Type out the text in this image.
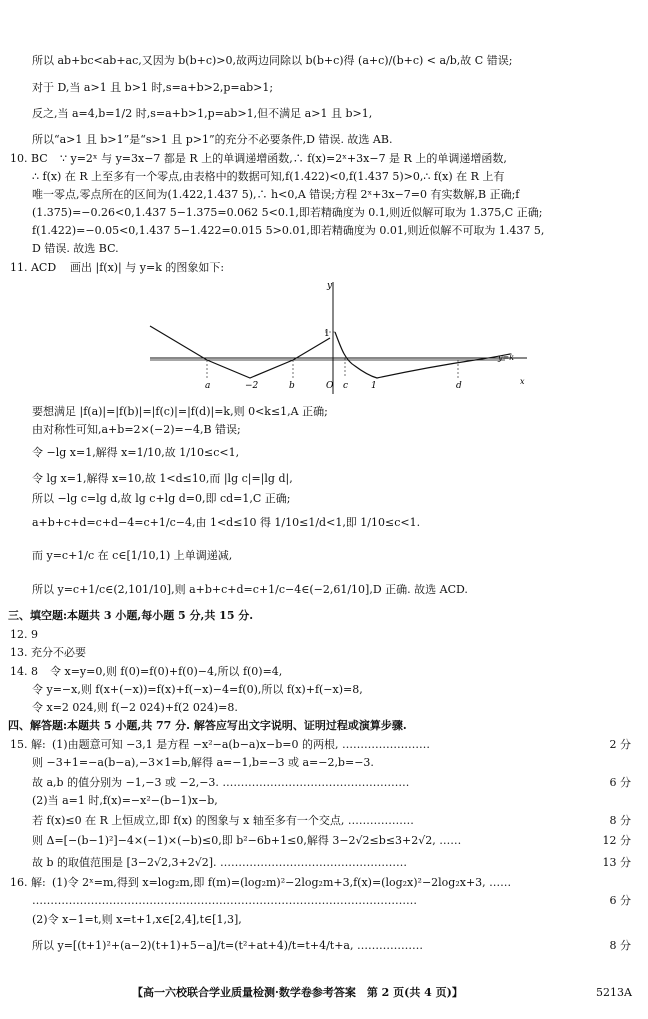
所以 ab+bc<ab+ac,又因为 b(b+c)>0,故两边同除以 b(b+c)得 (a+c)/(b+c) < a/b,故 C 错误;
对于 D,当 a>1 且 b>1 时,s=a+b>2,p=ab>1;
反之,当 a=4,b=1/2 时,s=a+b>1,p=ab>1,但不满足 a>1 且 b>1,
所以“a>1 且 b>1”是“s>1 且 p>1”的充分不必要条件,D 错误. 故选 AB.
10. BC ∵ y=2ˣ 与 y=3x−7 都是 R 上的单调递增函数,∴ f(x)=2ˣ+3x−7 是 R 上的单调递增函数,
∴ f(x) 在 R 上至多有一个零点,由表格中的数据可知,f(1.422)<0,f(1.437 5)>0,∴ f(x) 在 R 上有
唯一零点,零点所在的区间为(1.422,1.437 5),∴ h<0,A 错误;方程 2ˣ+3x−7=0 有实数解,B 正确;f
(1.375)=−0.26<0,1.437 5−1.375=0.062 5<0.1,即若精确度为 0.1,则近似解可取为 1.375,C 正确;
f(1.422)=−0.05<0,1.437 5−1.422=0.015 5>0.01,即若精确度为 0.01,则近似解不可取为 1.437 5,
D 错误. 故选 BC.
11. ACD 画出 |f(x)| 与 y=k 的图象如下:
要想满足 |f(a)|=|f(b)|=|f(c)|=|f(d)|=k,则 0<k≤1,A 正确;
由对称性可知,a+b=2×(−2)=−4,B 错误;
令 −lg x=1,解得 x=1/10,故 1/10≤c<1,
令 lg x=1,解得 x=10,故 1<d≤10,而 |lg c|=|lg d|,
所以 −lg c=lg d,故 lg c+lg d=0,即 cd=1,C 正确;
a+b+c+d=c+d−4=c+1/c−4,由 1<d≤10 得 1/10≤1/d<1,即 1/10≤c<1.
而 y=c+1/c 在 c∈[1/10,1) 上单调递减,
所以 y=c+1/c∈(2,101/10],则 a+b+c+d=c+1/c−4∈(−2,61/10],D 正确. 故选 ACD.
三、填空题:本题共 3 小题,每小题 5 分,共 15 分.
12. 9
13. 充分不必要
14. 8 令 x=y=0,则 f(0)=f(0)+f(0)−4,所以 f(0)=4,
令 y=−x,则 f(x+(−x))=f(x)+f(−x)−4=f(0),所以 f(x)+f(−x)=8,
令 x=2 024,则 f(−2 024)+f(2 024)=8.
四、解答题:本题共 5 小题,共 77 分. 解答应写出文字说明、证明过程或演算步骤.
15. 解: (1)由题意可知 −3,1 是方程 −x²−a(b−a)x−b=0 的两根, ……………………	2 分
则 −3+1=−a(b−a),−3×1=b,解得 a=−1,b=−3 或 a=−2,b=−3.
故 a,b 的值分别为 −1,−3 或 −2,−3. ……………………………………………	6 分
(2)当 a=1 时,f(x)=−x²−(b−1)x−b,
若 f(x)≤0 在 R 上恒成立,即 f(x) 的图象与 x 轴至多有一个交点, ………………	8 分
则 Δ=[−(b−1)²]−4×(−1)×(−b)≤0,即 b²−6b+1≤0,解得 3−2√2≤b≤3+2√2, ……	12 分
故 b 的取值范围是 [3−2√2,3+2√2]. ……………………………………………	13 分
16. 解: (1)令 2ˣ=m,得到 x=log₂m,即 f(m)=(log₂m)²−2log₂m+3,f(x)=(log₂x)²−2log₂x+3, ……
……………………………………………………………………………………………	6 分
(2)令 x−1=t,则 x=t+1,x∈[2,4],t∈[1,3],
所以 y=[(t+1)²+(a−2)(t+1)+5−a]/t=(t²+at+4)/t=t+4/t+a, ………………	8 分
y
1
y=k
x
a	−2	b	O c	1	d
【高一六校联合学业质量检测·数学卷参考答案　第 2 页(共 4 页)】	5213A
